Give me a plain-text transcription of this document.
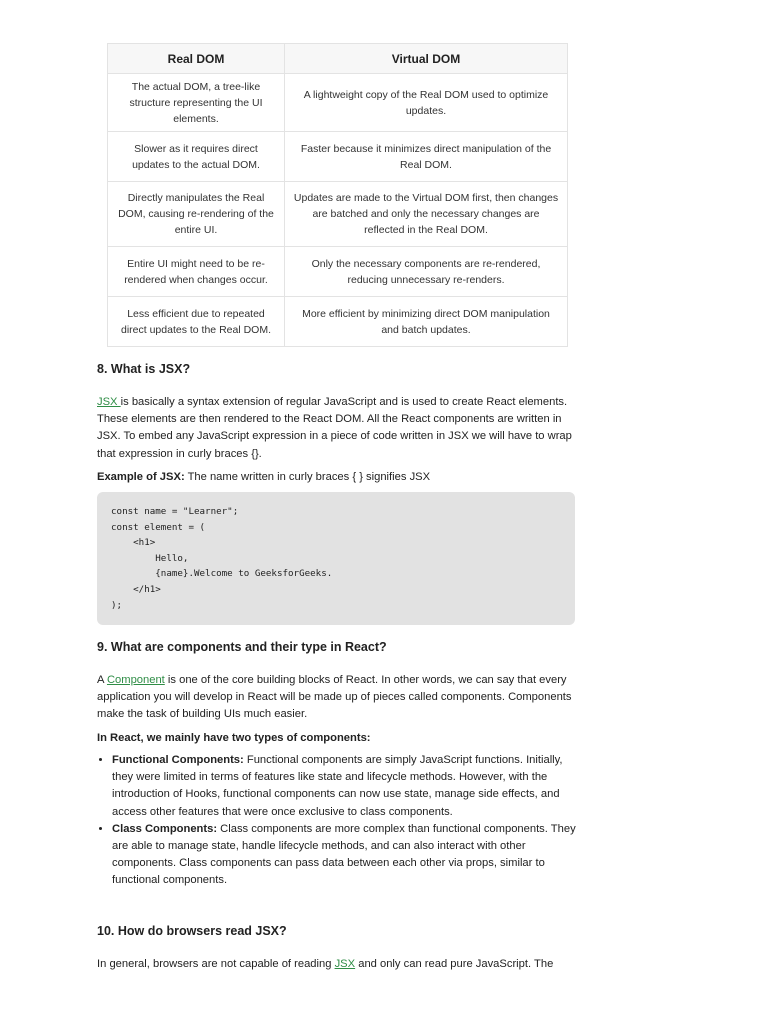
Real DOM	Virtual DOM
The actual DOM, a tree-like structure representing the UI elements.	A lightweight copy of the Real DOM used to optimize updates.
Slower as it requires direct updates to the actual DOM.	Faster because it minimizes direct manipulation of the Real DOM.
Directly manipulates the Real DOM, causing re-rendering of the entire UI.	Updates are made to the Virtual DOM first, then changes are batched and only the necessary changes are reflected in the Real DOM.
Entire UI might need to be re-rendered when changes occur.	Only the necessary components are re-rendered, reducing unnecessary re-renders.
Less efficient due to repeated direct updates to the Real DOM.	More efficient by minimizing direct DOM manipulation and batch updates.
8. What is JSX?
JSX is basically a syntax extension of regular JavaScript and is used to create React elements. These elements are then rendered to the React DOM. All the React components are written in JSX. To embed any JavaScript expression in a piece of code written in JSX we will have to wrap that expression in curly braces {}.
Example of JSX: The name written in curly braces { } signifies JSX
const name = "Learner";
const element = (
<h1>
Hello,
{name}.Welcome to GeeksforGeeks.
</h1>
);
9. What are components and their type in React?
A Component is one of the core building blocks of React. In other words, we can say that every application you will develop in React will be made up of pieces called components. Components make the task of building UIs much easier.
In React, we mainly have two types of components:
• Functional Components: Functional components are simply JavaScript functions. Initially, they were limited in terms of features like state and lifecycle methods. However, with the introduction of Hooks, functional components can now use state, manage side effects, and access other features that were once exclusive to class components.
• Class Components: Class components are more complex than functional components. They are able to manage state, handle lifecycle methods, and can also interact with other components. Class components can pass data between each other via props, similar to functional components.
10. How do browsers read JSX?
In general, browsers are not capable of reading JSX and only can read pure JavaScript. The
